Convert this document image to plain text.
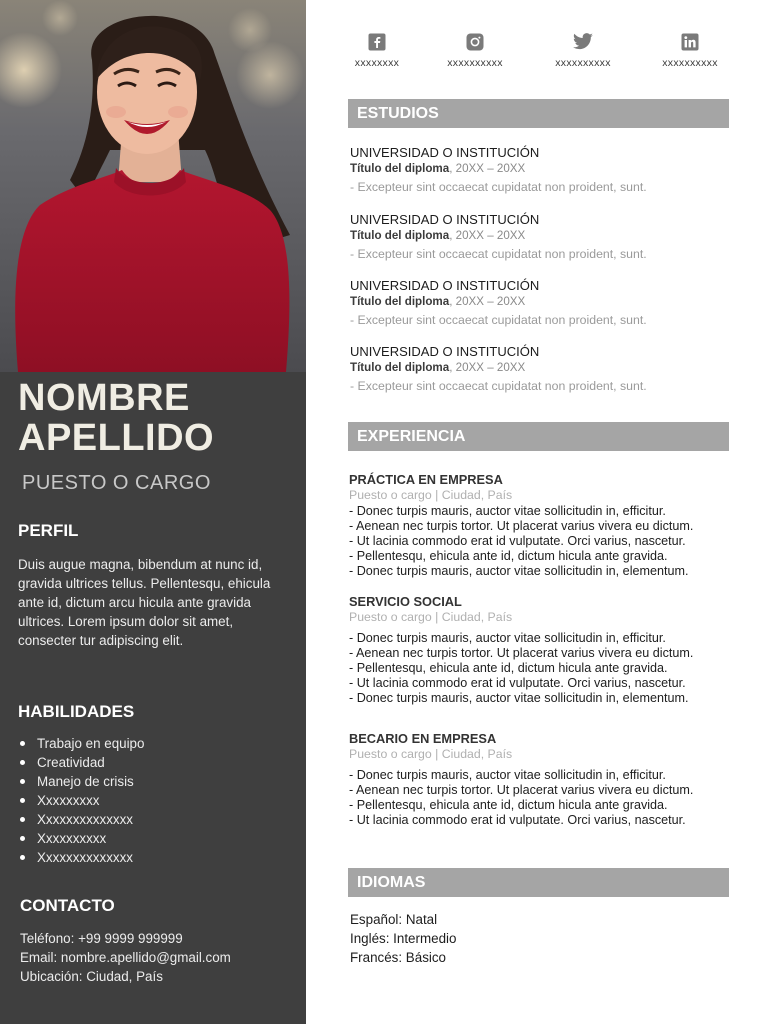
NOMBRE
APELLIDO
PUESTO O CARGO
PERFIL
Duis augue magna, bibendum at nunc id, gravida ultrices tellus. Pellentesqu, ehicula ante id, dictum arcu hicula ante gravida ultrices. Lorem ipsum dolor sit amet, consecter tur adipiscing elit.
HABILIDADES
Trabajo en equipo
Creatividad
Manejo de crisis
Xxxxxxxxx
Xxxxxxxxxxxxxx
Xxxxxxxxxx
Xxxxxxxxxxxxxx
CONTACTO
Teléfono: +99 9999 999999
Email: nombre.apellido@gmail.com
Ubicación: Ciudad, País
xxxxxxxx	xxxxxxxxxx	xxxxxxxxxx	xxxxxxxxxx
ESTUDIOS
UNIVERSIDAD O INSTITUCIÓN
Título del diploma, 20XX – 20XX
- Excepteur sint occaecat cupidatat non proident, sunt.
UNIVERSIDAD O INSTITUCIÓN
Título del diploma, 20XX – 20XX
- Excepteur sint occaecat cupidatat non proident, sunt.
UNIVERSIDAD O INSTITUCIÓN
Título del diploma, 20XX – 20XX
- Excepteur sint occaecat cupidatat non proident, sunt.
UNIVERSIDAD O INSTITUCIÓN
Título del diploma, 20XX – 20XX
- Excepteur sint occaecat cupidatat non proident, sunt.
EXPERIENCIA
PRÁCTICA EN EMPRESA
Puesto o cargo | Ciudad, País
- Donec turpis mauris, auctor vitae sollicitudin in, efficitur.
- Aenean nec turpis tortor. Ut placerat varius vivera eu dictum.
- Ut lacinia commodo erat id vulputate. Orci varius, nascetur.
- Pellentesqu, ehicula ante id, dictum hicula ante gravida.
- Donec turpis mauris, auctor vitae sollicitudin in, elementum.
SERVICIO SOCIAL
Puesto o cargo | Ciudad, País
- Donec turpis mauris, auctor vitae sollicitudin in, efficitur.
- Aenean nec turpis tortor. Ut placerat varius vivera eu dictum.
- Pellentesqu, ehicula ante id, dictum hicula ante gravida.
- Ut lacinia commodo erat id vulputate. Orci varius, nascetur.
- Donec turpis mauris, auctor vitae sollicitudin in, elementum.
BECARIO EN EMPRESA
Puesto o cargo | Ciudad, País
- Donec turpis mauris, auctor vitae sollicitudin in, efficitur.
- Aenean nec turpis tortor. Ut placerat varius vivera eu dictum.
- Pellentesqu, ehicula ante id, dictum hicula ante gravida.
- Ut lacinia commodo erat id vulputate. Orci varius, nascetur.
IDIOMAS
Español: Natal
Inglés: Intermedio
Francés: Básico
